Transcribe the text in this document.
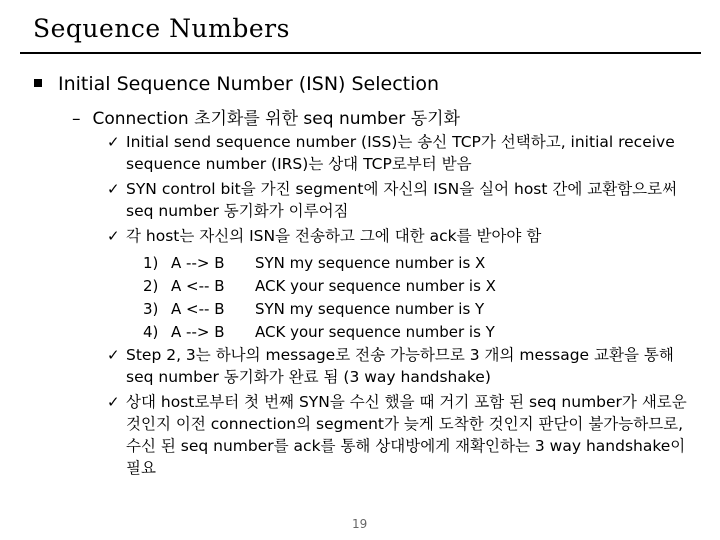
Sequence Numbers
Initial Sequence Number (ISN) Selection
– Connection 초기화를 위한 seq number 동기화
✓ Initial send sequence number (ISS)는 송신 TCP가 선택하고, initial receive sequence number (IRS)는 상대 TCP로부터 받음
✓ SYN control bit을 가진 segment에 자신의 ISN을 실어 host 간에 교환함으로써 seq number 동기화가 이루어짐
✓ 각 host는 자신의 ISN을 전송하고 그에 대한 ack를 받아야 함
1) A --> B	SYN my sequence number is X
2) A <-- B	ACK your sequence number is X
3) A <-- B	SYN my sequence number is Y
4) A --> B	ACK your sequence number is Y
✓ Step 2, 3는 하나의 message로 전송 가능하므로 3 개의 message 교환을 통해 seq number 동기화가 완료 됨 (3 way handshake)
✓ 상대 host로부터 첫 번째 SYN을 수신 했을 때 거기 포함 된 seq number가 새로운 것인지 이전 connection의 segment가 늦게 도착한 것인지 판단이 불가능하므로, 수신 된 seq number를 ack를 통해 상대방에게 재확인하는 3 way handshake이 필요
19
